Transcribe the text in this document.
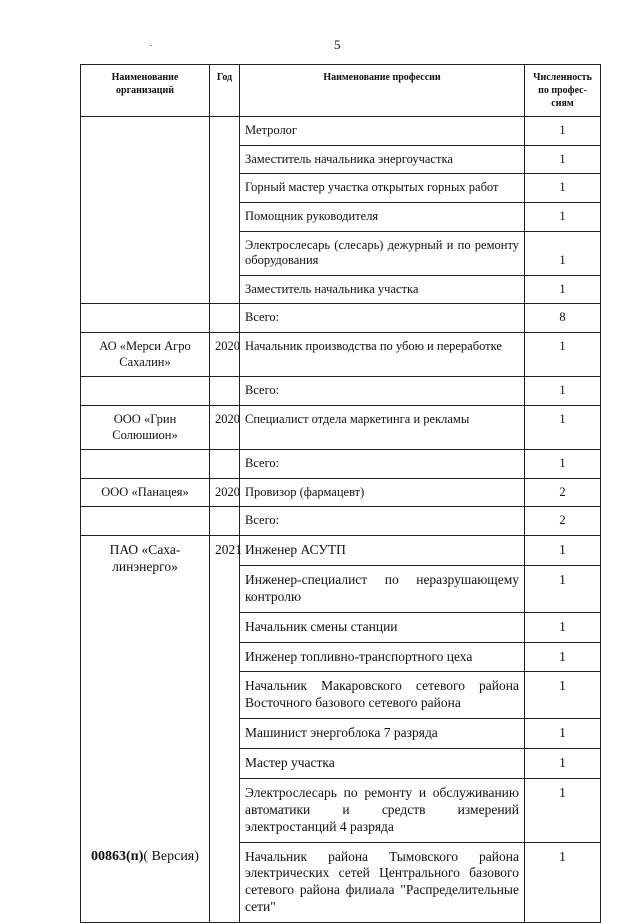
5
Наименование организаций	Год	Наименование профессии	Численность по профес-сиям
		Метролог	1
		Заместитель начальника энергоучастка	1
		Горный мастер участка открытых горных работ	1
		Помощник руководителя	1
		Электрослесарь (слесарь) дежурный и по ремонту оборудования	1
		Заместитель начальника участка	1
		Всего:	8
АО «Мерси Агро Сахалин»	2020	Начальник производства по убою и переработке	1
		Всего:	1
ООО «Грин Солюшион»	2020	Специалист отдела маркетинга и рекламы	1
		Всего:	1
ООО «Панацея»	2020	Провизор (фармацевт)	2
		Всего:	2
ПАО «Саха-линэнерго»	2021	Инженер АСУТП	1
		Инженер-специалист по неразрушающему контролю	1
		Начальник смены станции	1
		Инженер топливно-транспортного цеха	1
		Начальник Макаровского сетевого района Восточного базового сетевого района	1
		Машинист энергоблока 7 разряда	1
		Мастер участка	1
		Электрослесарь по ремонту и обслуживанию автоматики и средств измерений электростанций 4 разряда	1
		Начальник района Тымовского района электрических сетей Центрального базового сетевого района филиала "Распределительные сети"	1
00863(п)( Версия)
